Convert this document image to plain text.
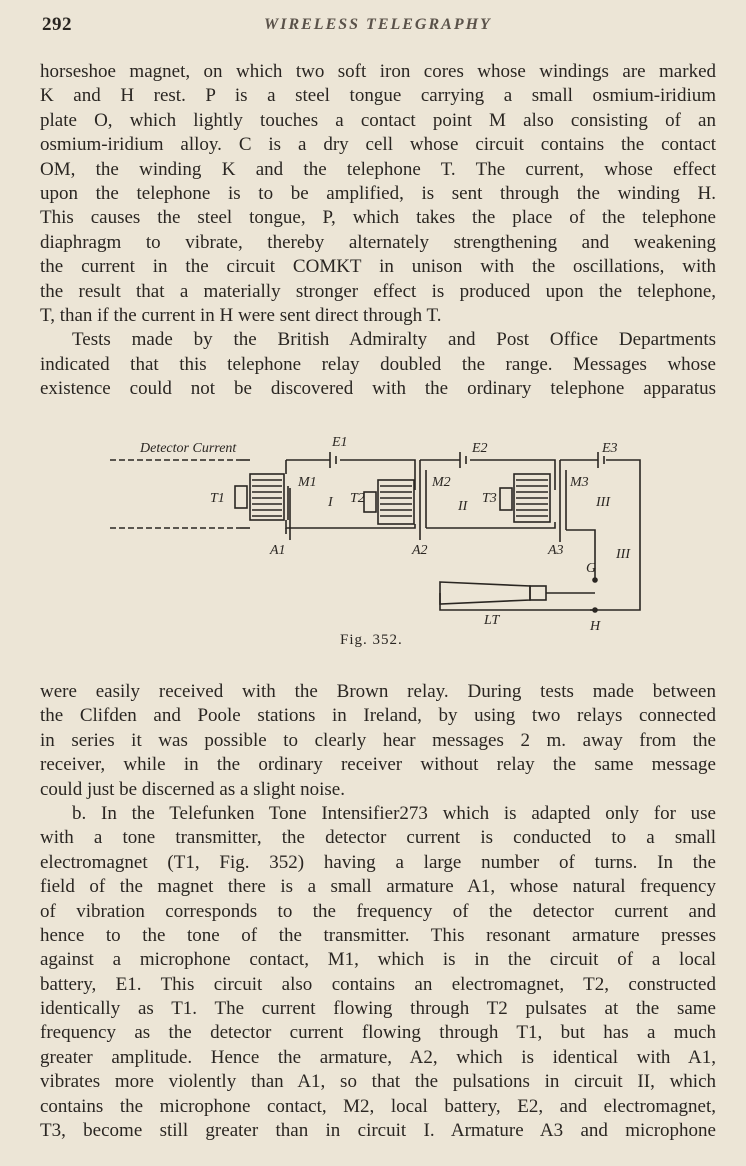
292	WIRELESS TELEGRAPHY
horseshoe magnet, on which two soft iron cores whose windings are marked
K and H rest. P is a steel tongue carrying a small osmium-iridium
plate O, which lightly touches a contact point M also consisting of an
osmium-iridium alloy. C is a dry cell whose circuit contains the contact
OM, the winding K and the telephone T. The current, whose effect
upon the telephone is to be amplified, is sent through the winding H.
This causes the steel tongue, P, which takes the place of the telephone
diaphragm to vibrate, thereby alternately strengthening and weakening
the current in the circuit COMKT in unison with the oscillations, with
the result that a materially stronger effect is produced upon the telephone,
T, than if the current in H were sent direct through T.
Tests made by the British Admiralty and Post Office Departments
indicated that this telephone relay doubled the range. Messages whose
existence could not be discovered with the ordinary telephone apparatus
Detector Current
T1	T2	T3
M1	M2	M3
A1	A2	A3
E1	E2	E3
I	II	III
III
G
H
LT
Fig. 352.
were easily received with the Brown relay. During tests made between
the Clifden and Poole stations in Ireland, by using two relays connected
in series it was possible to clearly hear messages 2 m. away from the
receiver, while in the ordinary receiver without relay the same message
could just be discerned as a slight noise.
b. In the Telefunken Tone Intensifier273 which is adapted only for use
with a tone transmitter, the detector current is conducted to a small
electromagnet (T1, Fig. 352) having a large number of turns. In the
field of the magnet there is a small armature A1, whose natural frequency
of vibration corresponds to the frequency of the detector current and
hence to the tone of the transmitter. This resonant armature presses
against a microphone contact, M1, which is in the circuit of a local
battery, E1. This circuit also contains an electromagnet, T2, constructed
identically as T1. The current flowing through T2 pulsates at the same
frequency as the detector current flowing through T1, but has a much
greater amplitude. Hence the armature, A2, which is identical with A1,
vibrates more violently than A1, so that the pulsations in circuit II, which
contains the microphone contact, M2, local battery, E2, and electromagnet,
T3, become still greater than in circuit I. Armature A3 and microphone
